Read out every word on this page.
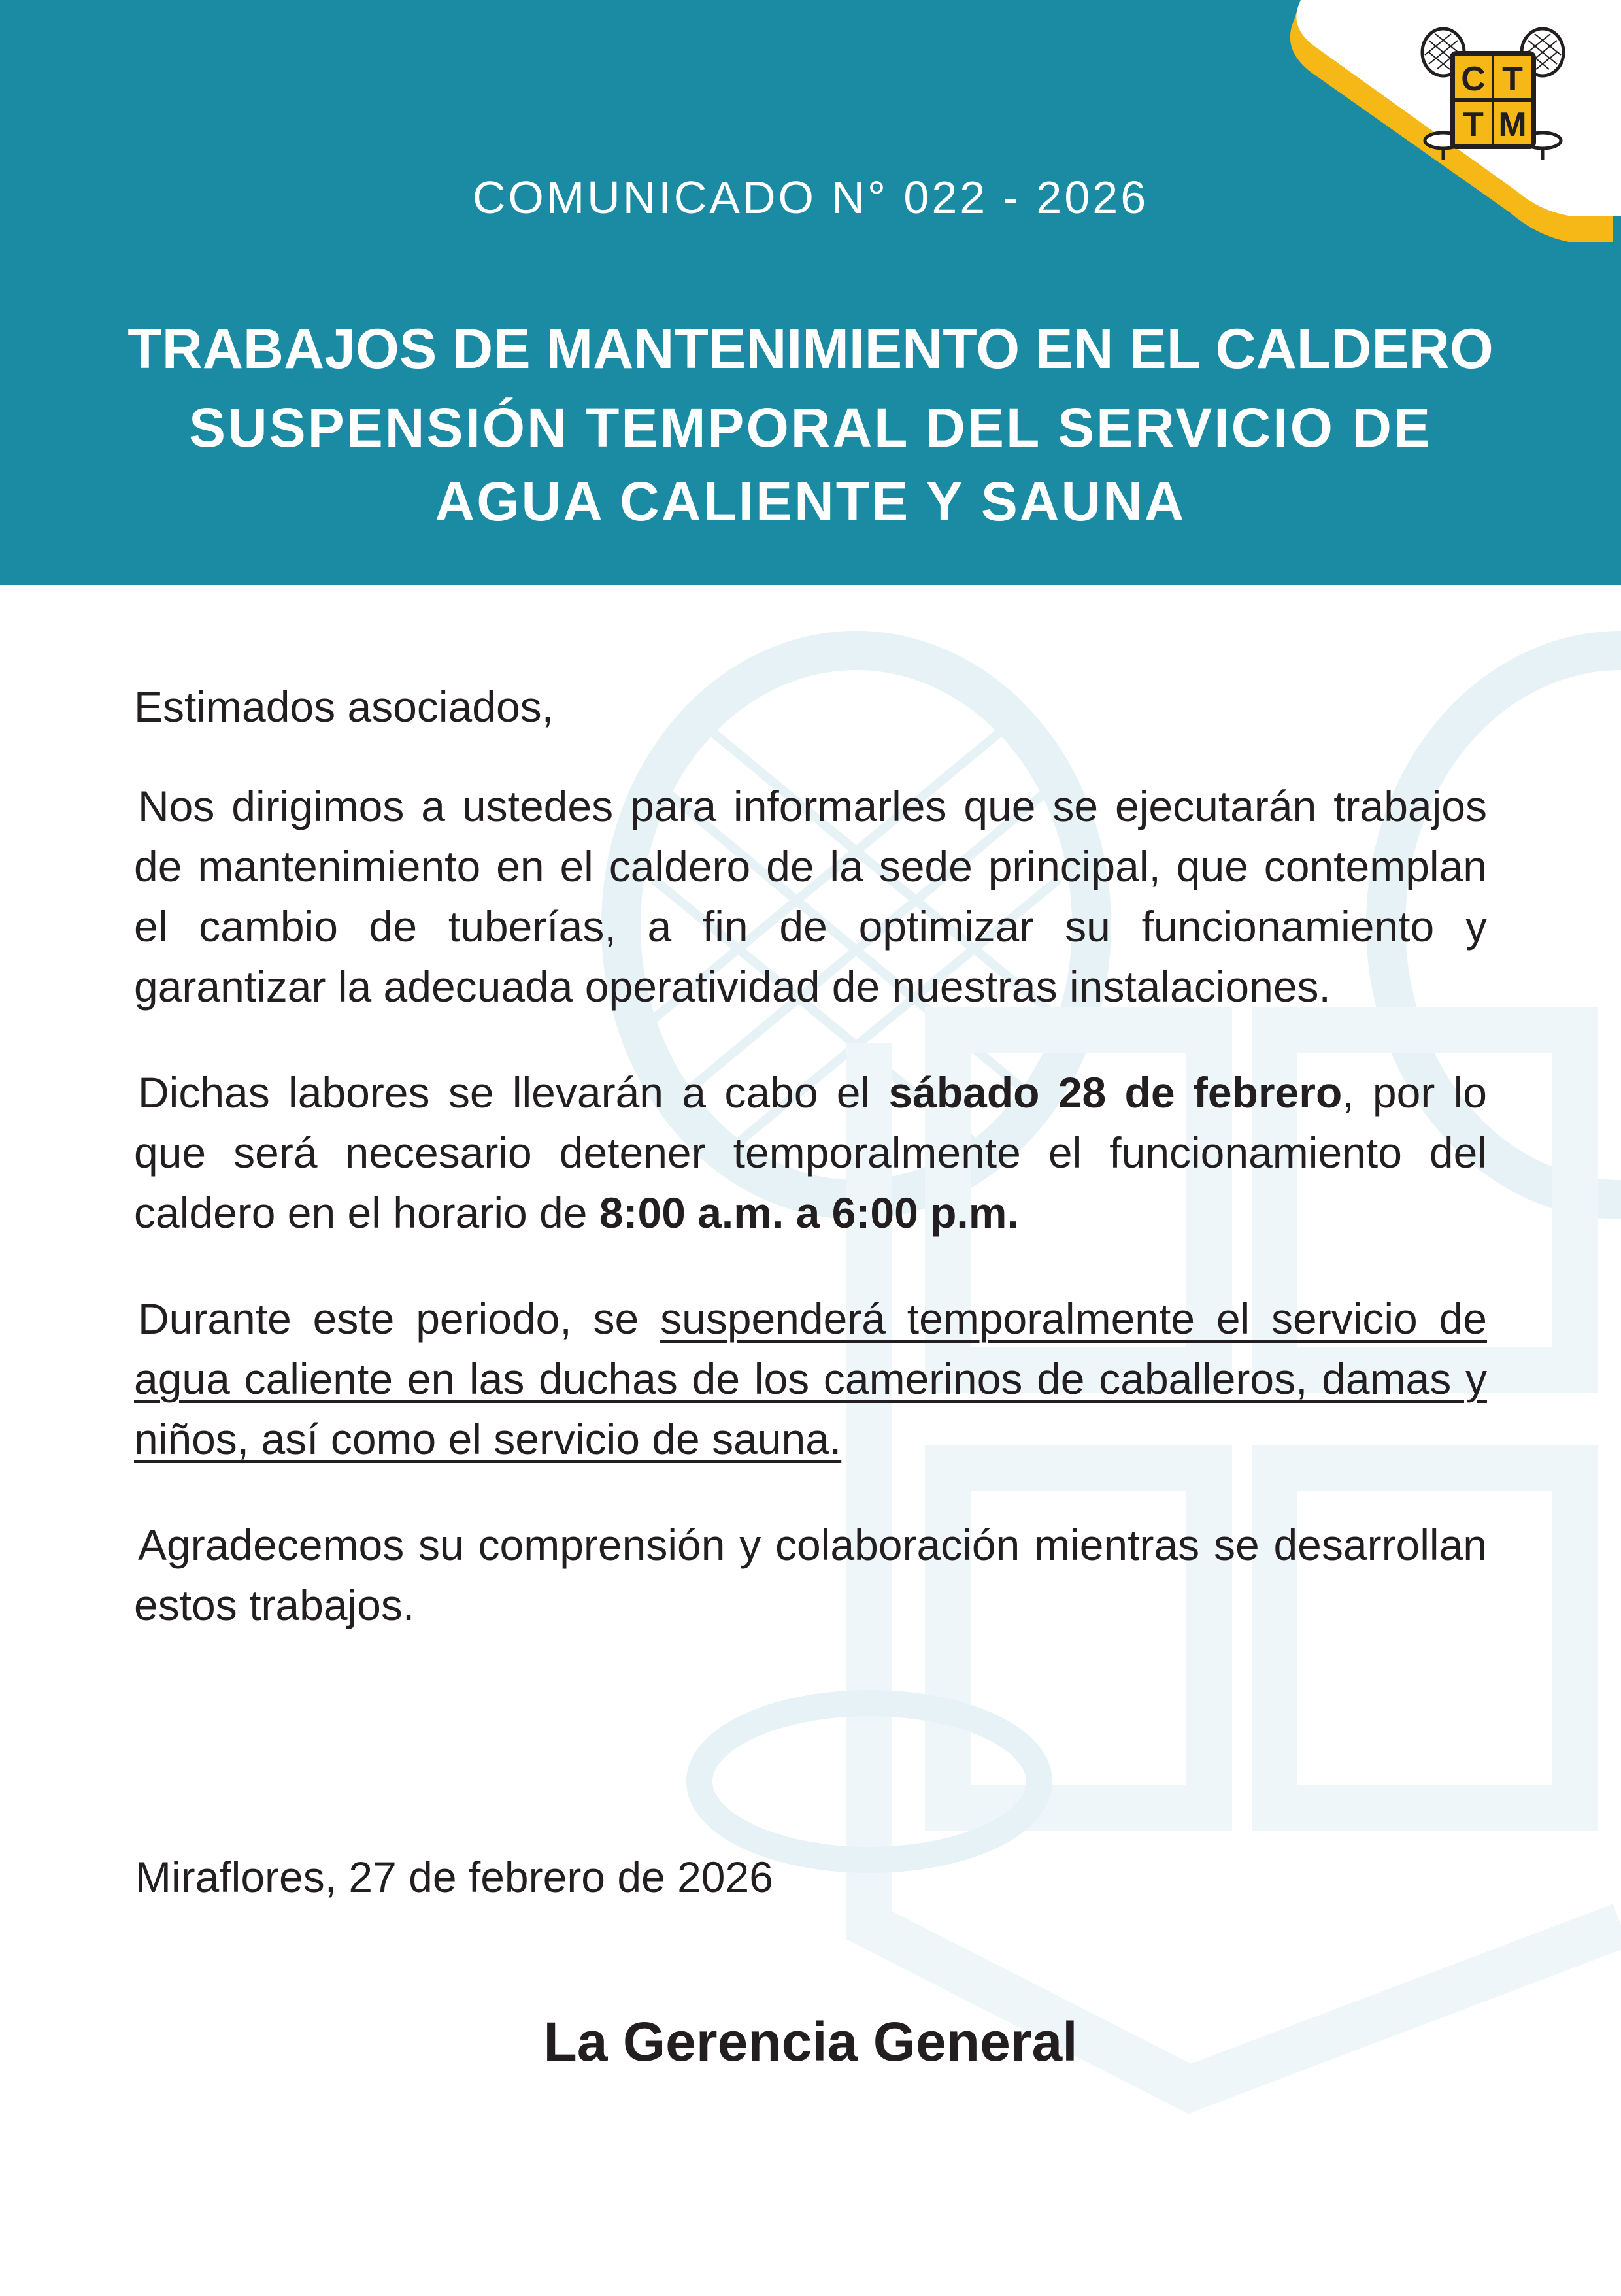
COMUNICADO N° 022 - 2026
TRABAJOS DE MANTENIMIENTO EN EL CALDERO
SUSPENSIÓN TEMPORAL DEL SERVICIO DE
AGUA CALIENTE Y SAUNA
C T
T M

Estimados asociados,

Nos dirigimos a ustedes para informarles que se ejecutarán trabajos de mantenimiento en el caldero de la sede principal, que contemplan el cambio de tuberías, a fin de optimizar su funcionamiento y garantizar la adecuada operatividad de nuestras instalaciones.

Dichas labores se llevarán a cabo el sábado 28 de febrero, por lo que será necesario detener temporalmente el funcionamiento del caldero en el horario de 8:00 a.m. a 6:00 p.m.

Durante este periodo, se suspenderá temporalmente el servicio de agua caliente en las duchas de los camerinos de caballeros, damas y niños, así como el servicio de sauna.

Agradecemos su comprensión y colaboración mientras se desarrollan estos trabajos.

Miraflores, 27 de febrero de 2026
La Gerencia General
